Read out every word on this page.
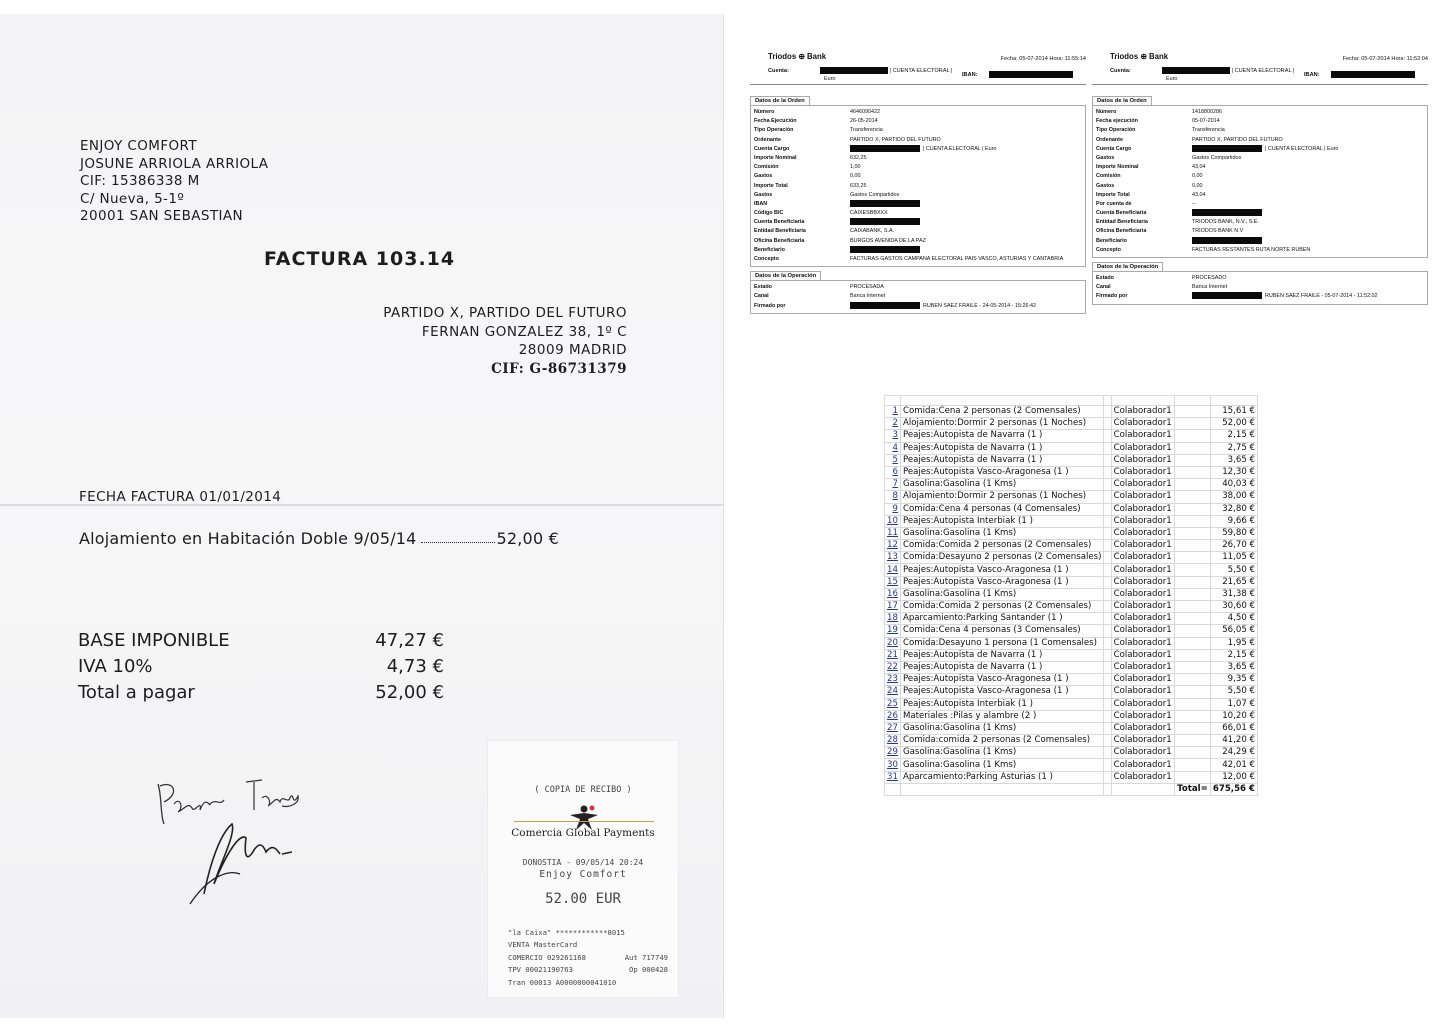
ENJOY COMFORT
JOSUNE ARRIOLA ARRIOLA
CIF: 15386338 M
C/ Nueva, 5-1º
20001 SAN SEBASTIAN
FACTURA 103.14
PARTIDO X, PARTIDO DEL FUTURO
FERNAN GONZALEZ 38, 1º C
28009 MADRID
CIF: G-86731379
FECHA FACTURA 01/01/2014
Alojamiento en Habitación Doble 9/05/14	52,00 €
BASE IMPONIBLE	47,27 €
IVA 10%	4,73 €
Total a pagar	52,00 €
( COPIA DE RECIBO )
Comercia Global Payments
DONOSTIA - 09/05/14 20:24
Enjoy Comfort
52.00 EUR
"la Caixa" ************8015
VENTA MasterCard
COMERCIO 029261168	Aut 717749
TPV 00021190763	Op 000428
Tran 00013 A0000000041010
Triodos ⊕ Bank	Fecha: 05-07-2014 Hora: 11:55:14
Cuenta:	| CUENTA ELECTORAL |
Euro
IBAN:
Datos de la Orden
Número	4646090422
Fecha Ejecución	26-05-2014
Tipo Operación	Transferencia
Ordenante	PARTIDO X, PARTIDO DEL FUTURO
Cuenta Cargo	| CUENTA ELECTORAL | Euro
Importe Nominal	632,25
Comisión	1,00
Gastos	0,00
Importe Total	633,25
Gastos	Gastos Compartidos
IBAN
Código BIC	CAIXESBBXXX
Cuenta Beneficiaria
Entidad Beneficiaria	CAIXABANK, S.A.
Oficina Beneficiaria	BURGOS AVENIDA DE LA PAZ
Beneficiario
Concepto	FACTURAS GASTOS CAMPANA ELECTORAL PAIS VASCO, ASTURIAS Y CANTABRIA
Datos de la Operación
Estado	PROCESADA
Canal	Banca Internet
Firmado por	RUBEN SAEZ FRAILE - 24-05-2014 - 15:26:42
Triodos ⊕ Bank	Fecha: 05-07-2014 Hora: 11:52:04
Cuenta:	| CUENTA ELECTORAL |
Euro
IBAN:
Datos de la Orden
Número	1418800286
Fecha ejecución	05-07-2014
Tipo Operación	Transferencia
Ordenante	PARTIDO X, PARTIDO DEL FUTURO
Cuenta Cargo	| CUENTA ELECTORAL | Euro
Gastos	Gastos Compartidos
Importe Nominal	43,04
Comisión	0,00
Gastos	0,00
Importe Total	43,04
Por cuenta de	--
Cuenta Beneficiaria
Entidad Beneficiaria	TRIODOS BANK, N.V., S.E.
Oficina Beneficiaria	TRIODOS BANK N V
Beneficiario
Concepto	FACTURAS RESTANTES RUTA NORTE RUBEN
Datos de la Operación
Estado	PROCESADO
Canal	Banca Internet
Firmado por	RUBEN SAEZ FRAILE - 05-07-2014 - 11:52:02

1	Comida:Cena 2 personas (2 Comensales)		Colaborador1		15,61 €
2	Alojamiento:Dormir 2 personas (1 Noches)		Colaborador1		52,00 €
3	Peajes:Autopista de Navarra (1 )		Colaborador1		2,15 €
4	Peajes:Autopista de Navarra (1 )		Colaborador1		2,75 €
5	Peajes:Autopista de Navarra (1 )		Colaborador1		3,65 €
6	Peajes:Autopista Vasco-Aragonesa (1 )		Colaborador1		12,30 €
7	Gasolina:Gasolina (1 Kms)		Colaborador1		40,03 €
8	Alojamiento:Dormir 2 personas (1 Noches)		Colaborador1		38,00 €
9	Comida:Cena 4 personas (4 Comensales)		Colaborador1		32,80 €
10	Peajes:Autopista Interbiak (1 )		Colaborador1		9,66 €
11	Gasolina:Gasolina (1 Kms)		Colaborador1		59,80 €
12	Comida:Comida 2 personas (2 Comensales)		Colaborador1		26,70 €
13	Comida:Desayuno 2 personas (2 Comensales)		Colaborador1		11,05 €
14	Peajes:Autopista Vasco-Aragonesa (1 )		Colaborador1		5,50 €
15	Peajes:Autopista Vasco-Aragonesa (1 )		Colaborador1		21,65 €
16	Gasolina:Gasolina (1 Kms)		Colaborador1		31,38 €
17	Comida:Comida 2 personas (2 Comensales)		Colaborador1		30,60 €
18	Aparcamiento:Parking Santander (1 )		Colaborador1		4,50 €
19	Comida:Cena 4 personas (3 Comensales)		Colaborador1		56,05 €
20	Comida:Desayuno 1 persona (1 Comensales)		Colaborador1		1,95 €
21	Peajes:Autopista de Navarra (1 )		Colaborador1		2,15 €
22	Peajes:Autopista de Navarra (1 )		Colaborador1		3,65 €
23	Peajes:Autopista Vasco-Aragonesa (1 )		Colaborador1		9,35 €
24	Peajes:Autopista Vasco-Aragonesa (1 )		Colaborador1		5,50 €
25	Peajes:Autopista Interbiak (1 )		Colaborador1		1,07 €
26	Materiales :Pilas y alambre (2 )		Colaborador1		10,20 €
27	Gasolina:Gasolina (1 Kms)		Colaborador1		66,01 €
28	Comida:comida 2 personas (2 Comensales)		Colaborador1		41,20 €
29	Gasolina:Gasolina (1 Kms)		Colaborador1		24,29 €
30	Gasolina:Gasolina (1 Kms)		Colaborador1		42,01 €
31	Aparcamiento:Parking Asturias (1 )		Colaborador1		12,00 €
				Total=	675,56 €
